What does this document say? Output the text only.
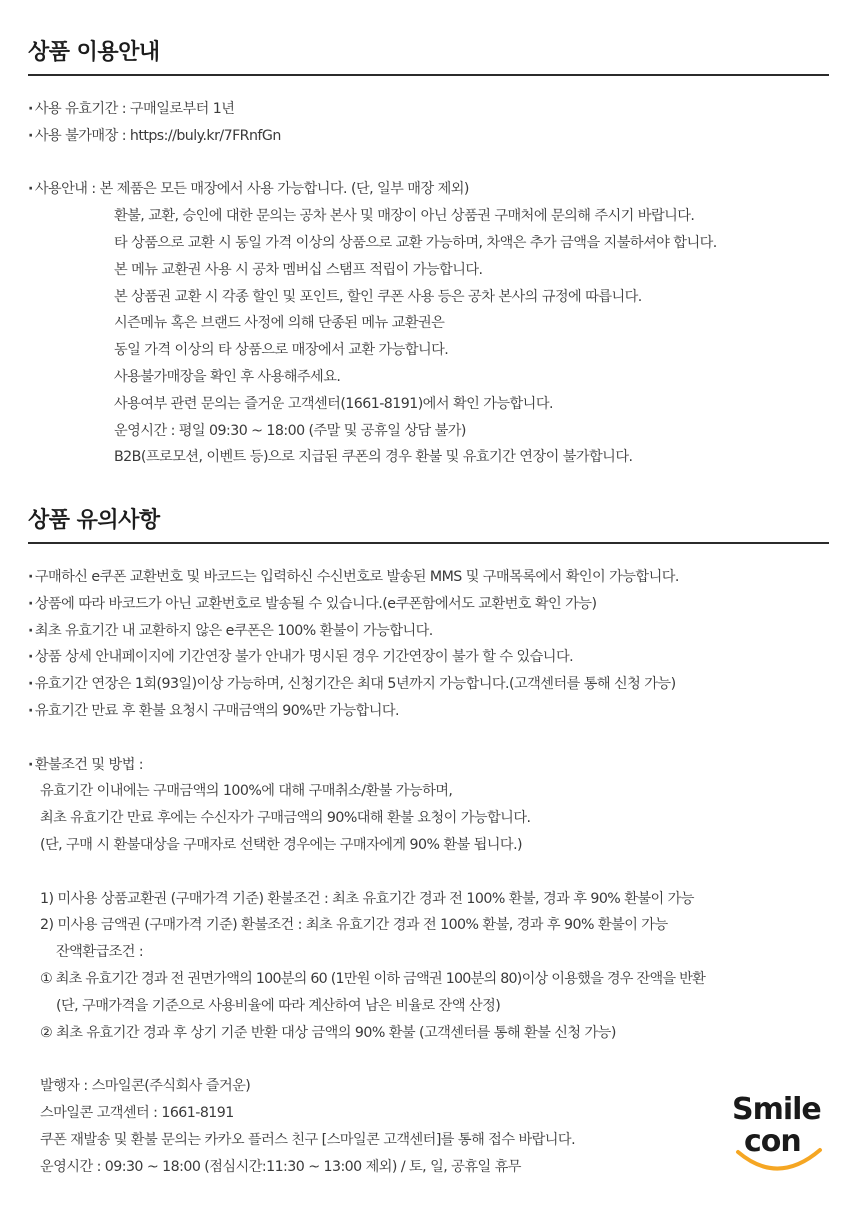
상품 이용안내
· 사용 유효기간 : 구매일로부터 1년
· 사용 불가매장 : https://buly.kr/7FRnfGn
· 사용안내 : 본 제품은 모든 매장에서 사용 가능합니다. (단, 일부 매장 제외)
환불, 교환, 승인에 대한 문의는 공차 본사 및 매장이 아닌 상품권 구매처에 문의해 주시기 바랍니다.
타 상품으로 교환 시 동일 가격 이상의 상품으로 교환 가능하며, 차액은 추가 금액을 지불하셔야 합니다.
본 메뉴 교환권 사용 시 공차 멤버십 스탬프 적립이 가능합니다.
본 상품권 교환 시 각종 할인 및 포인트, 할인 쿠폰 사용 등은 공차 본사의 규정에 따릅니다.
시즌메뉴 혹은 브랜드 사정에 의해 단종된 메뉴 교환권은
동일 가격 이상의 타 상품으로 매장에서 교환 가능합니다.
사용불가매장을 확인 후 사용해주세요.
사용여부 관련 문의는 즐거운 고객센터(1661-8191)에서 확인 가능합니다.
운영시간 : 평일 09:30 ~ 18:00 (주말 및 공휴일 상담 불가)
B2B(프로모션, 이벤트 등)으로 지급된 쿠폰의 경우 환불 및 유효기간 연장이 불가합니다.
상품 유의사항
· 구매하신 e쿠폰 교환번호 및 바코드는 입력하신 수신번호로 발송된 MMS 및 구매목록에서 확인이 가능합니다.
· 상품에 따라 바코드가 아닌 교환번호로 발송될 수 있습니다.(e쿠폰함에서도 교환번호 확인 가능)
· 최초 유효기간 내 교환하지 않은 e쿠폰은 100% 환불이 가능합니다.
· 상품 상세 안내페이지에 기간연장 불가 안내가 명시된 경우 기간연장이 불가 할 수 있습니다.
· 유효기간 연장은 1회(93일)이상 가능하며, 신청기간은 최대 5년까지 가능합니다.(고객센터를 통해 신청 가능)
· 유효기간 만료 후 환불 요청시 구매금액의 90%만 가능합니다.
· 환불조건 및 방법 :
유효기간 이내에는 구매금액의 100%에 대해 구매취소/환불 가능하며,
최초 유효기간 만료 후에는 수신자가 구매금액의 90%대해 환불 요청이 가능합니다.
(단, 구매 시 환불대상을 구매자로 선택한 경우에는 구매자에게 90% 환불 됩니다.)
1) 미사용 상품교환권 (구매가격 기준) 환불조건 : 최초 유효기간 경과 전 100% 환불, 경과 후 90% 환불이 가능
2) 미사용 금액권 (구매가격 기준) 환불조건 : 최초 유효기간 경과 전 100% 환불, 경과 후 90% 환불이 가능
잔액환급조건 :
① 최초 유효기간 경과 전 권면가액의 100분의 60 (1만원 이하 금액권 100분의 80)이상 이용했을 경우 잔액을 반환
(단, 구매가격을 기준으로 사용비율에 따라 계산하여 남은 비율로 잔액 산정)
② 최초 유효기간 경과 후 상기 기준 반환 대상 금액의 90% 환불 (고객센터를 통해 환불 신청 가능)
발행자 : 스마일콘(주식회사 즐거운)
스마일콘 고객센터 : 1661-8191
쿠폰 재발송 및 환불 문의는 카카오 플러스 친구 [스마일콘 고객센터]를 통해 접수 바랍니다.
운영시간 : 09:30 ~ 18:00 (점심시간:11:30 ~ 13:00 제외) / 토, 일, 공휴일 휴무
Smile
con
